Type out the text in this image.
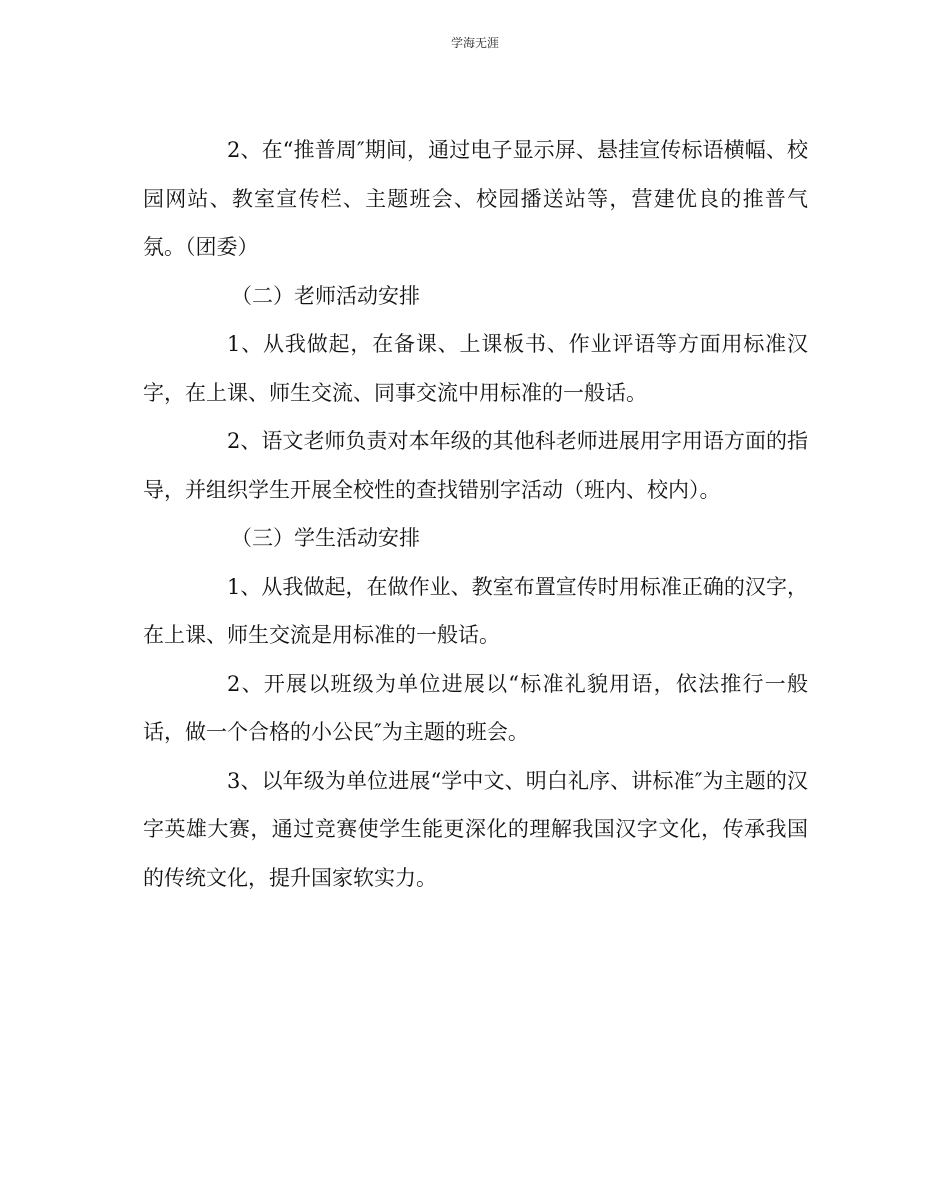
学海无涯

2、在“推普周″期间，通过电子显示屏、悬挂宣传标语横幅、校园网站、教室宣传栏、主题班会、校园播送站等，营建优良的推普气氛。（团委）

（二）老师活动安排

1、从我做起，在备课、上课板书、作业评语等方面用标准汉字，在上课、师生交流、同事交流中用标准的一般话。

2、语文老师负责对本年级的其他科老师进展用字用语方面的指导，并组织学生开展全校性的查找错别字活动（班内、校内）。

（三）学生活动安排

1、从我做起，在做作业、教室布置宣传时用标准正确的汉字，在上课、师生交流是用标准的一般话。

2、开展以班级为单位进展以“标准礼貌用语，依法推行一般话，做一个合格的小公民″为主题的班会。

3、以年级为单位进展“学中文、明白礼序、讲标准″为主题的汉字英雄大赛，通过竞赛使学生能更深化的理解我国汉字文化，传承我国的传统文化，提升国家软实力。
